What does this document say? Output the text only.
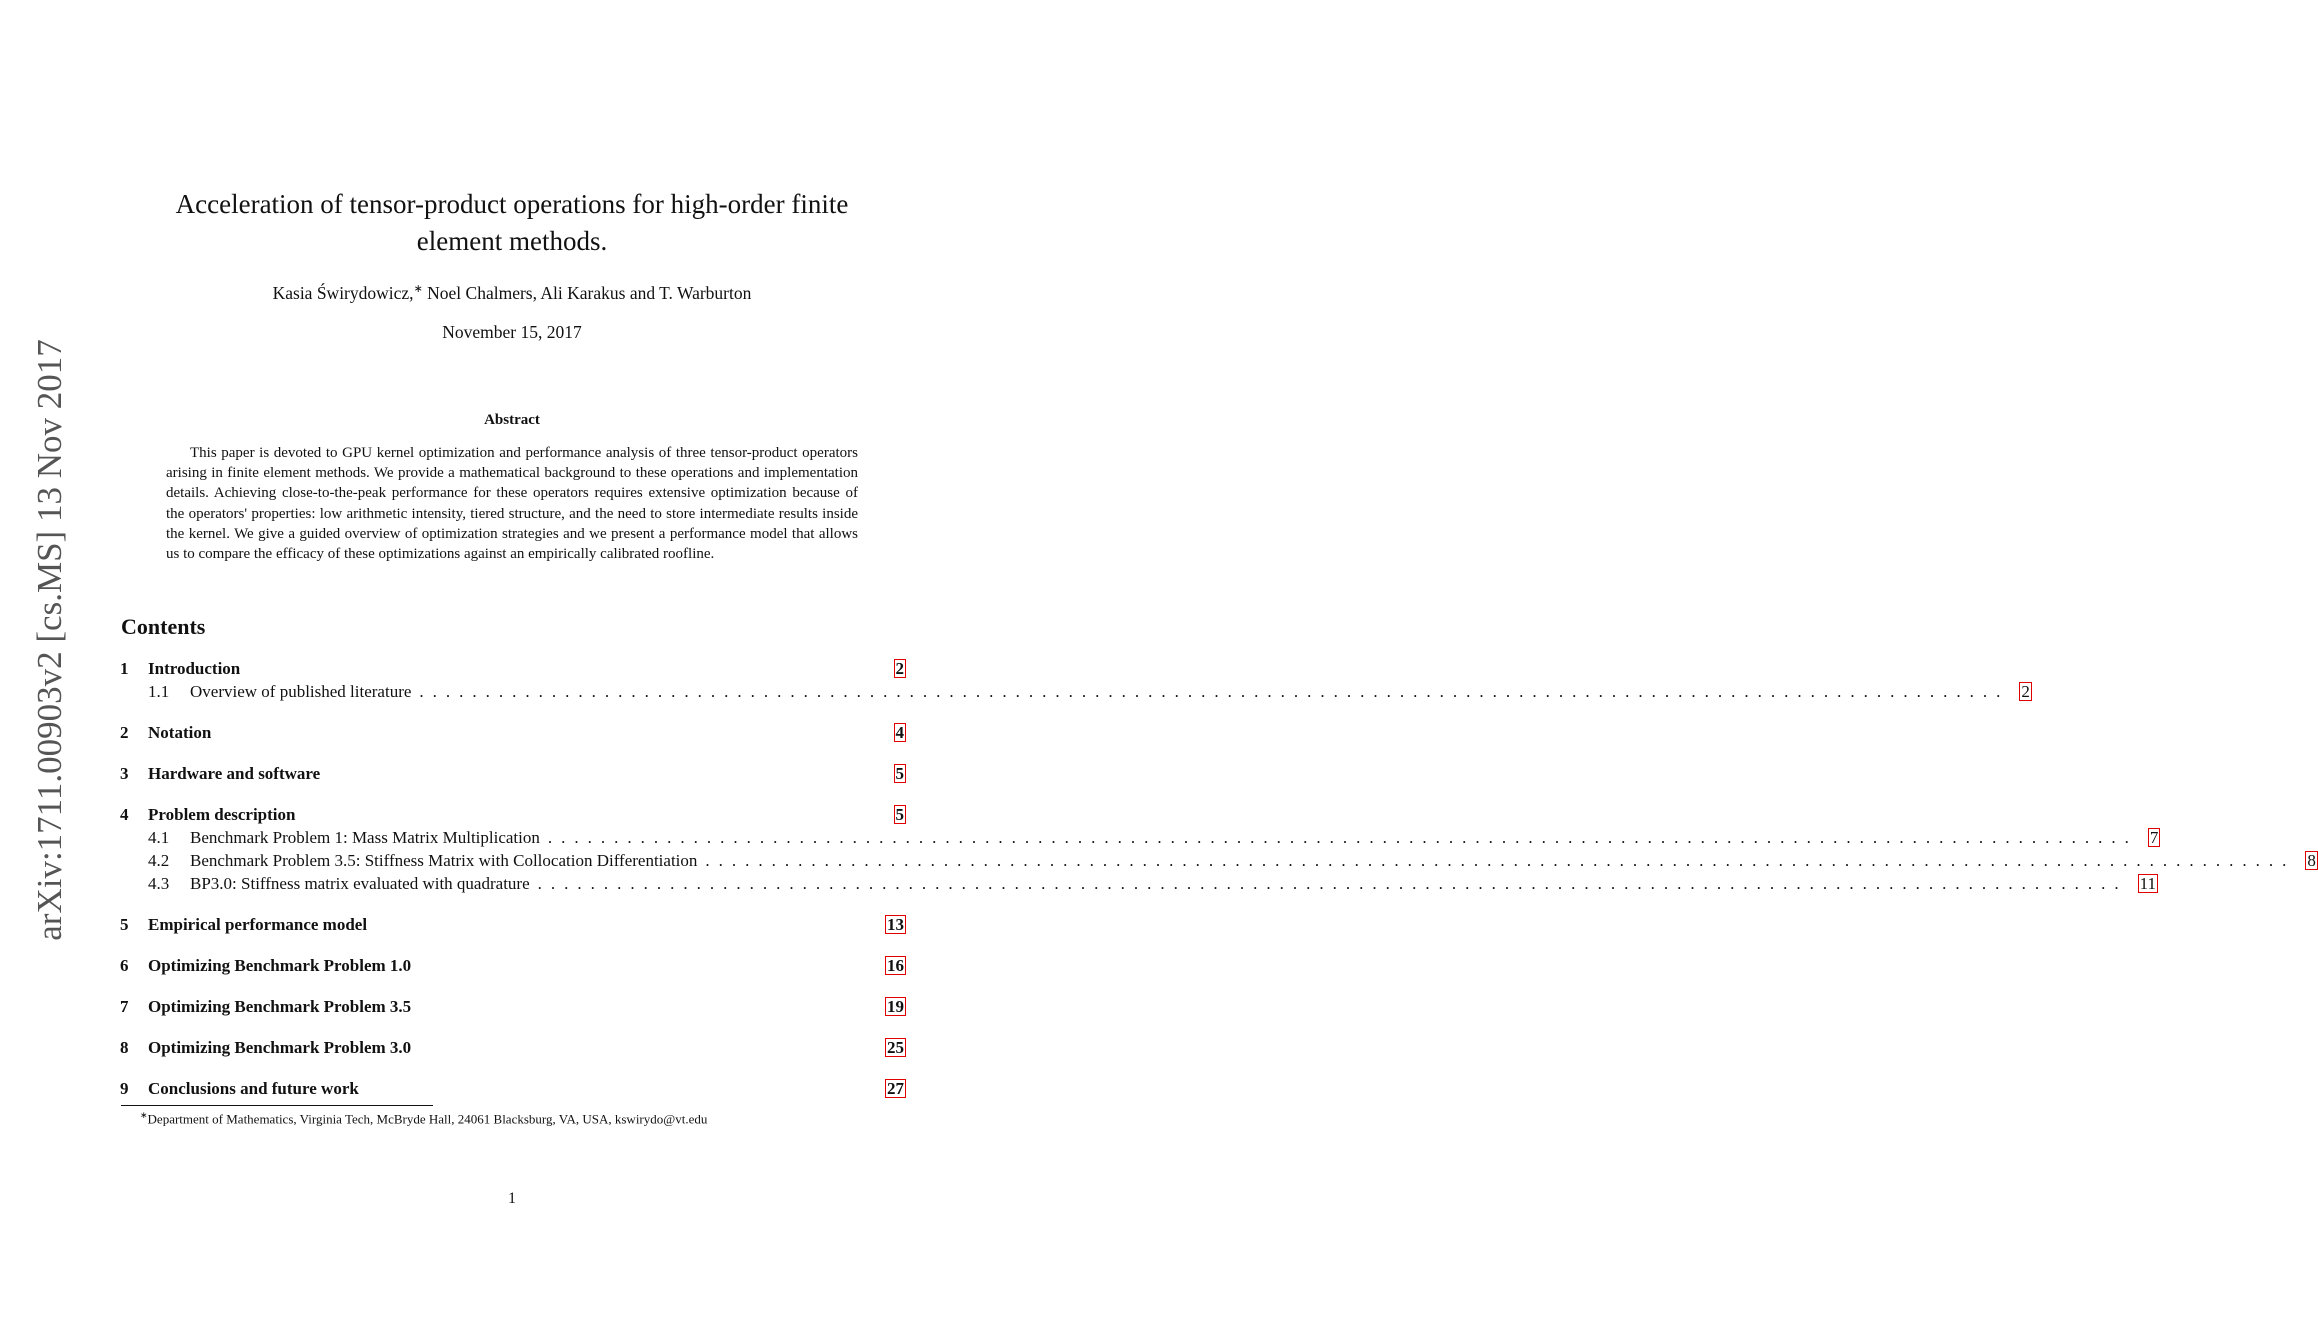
arXiv:1711.00903v2 [cs.MS] 13 Nov 2017
Acceleration of tensor-product operations for high-order finite element methods.
Kasia Świrydowicz,∗ Noel Chalmers, Ali Karakus and T. Warburton
November 15, 2017
Abstract

This paper is devoted to GPU kernel optimization and performance analysis of three tensor-product operators arising in finite element methods. We provide a mathematical background to these operations and implementation details. Achieving close-to-the-peak performance for these operators requires extensive optimization because of the operators' properties: low arithmetic intensity, tiered structure, and the need to store intermediate results inside the kernel. We give a guided overview of optimization strategies and we present a performance model that allows us to compare the efficacy of these optimizations against an empirically calibrated roofline.

Contents
1	Introduction	2
1.1	Overview of published literature ........................................................................................................................ 2
2	Notation	4
3	Hardware and software	5
4	Problem description	5
4.1	Benchmark Problem 1: Mass Matrix Multiplication ........................................................................................................................ 7
4.2	Benchmark Problem 3.5: Stiffness Matrix with Collocation Differentiation ........................................................................................................................ 8
4.3	BP3.0: Stiffness matrix evaluated with quadrature ........................................................................................................................ 11
5	Empirical performance model	13
6	Optimizing Benchmark Problem 1.0	16
7	Optimizing Benchmark Problem 3.5	19
8	Optimizing Benchmark Problem 3.0	25
9	Conclusions and future work	27
∗Department of Mathematics, Virginia Tech, McBryde Hall, 24061 Blacksburg, VA, USA, kswirydo@vt.edu
1
